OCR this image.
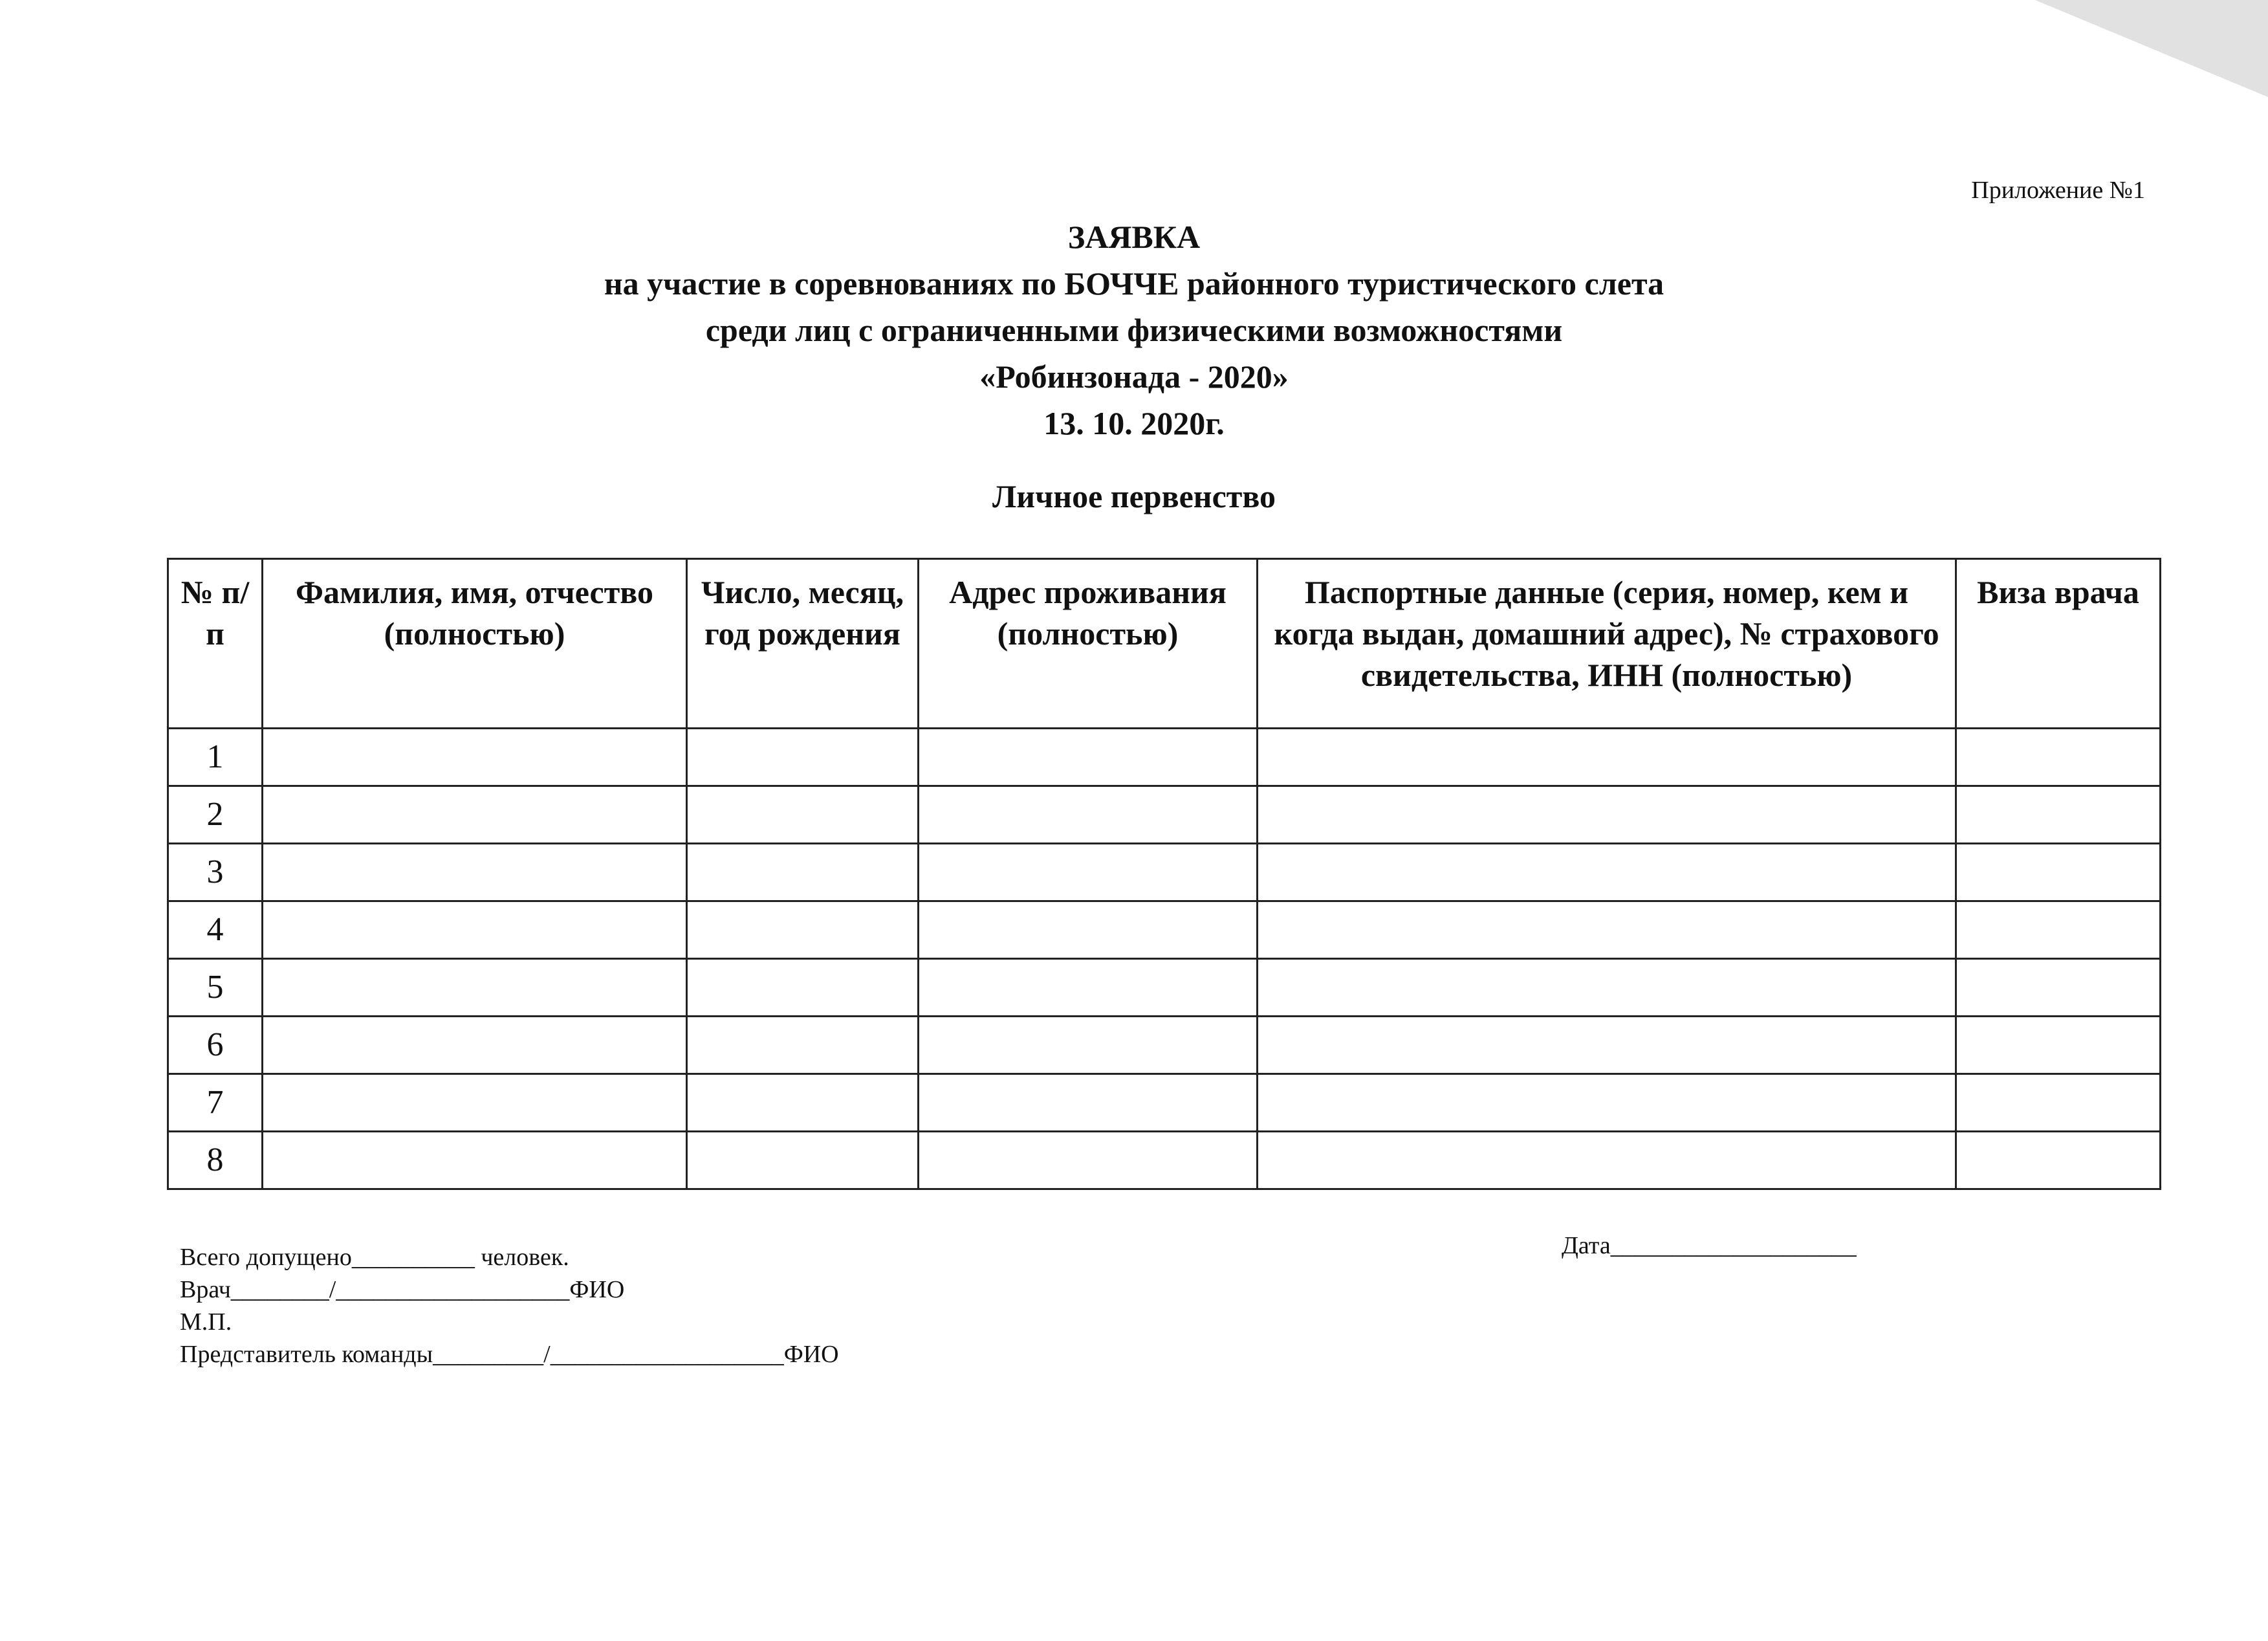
Приложение №1
ЗАЯВКА
на участие в соревнованиях по БОЧЧЕ районного туристического слета
среди лиц с ограниченными физическими возможностями
«Робинзонада - 2020»
13. 10. 2020г.
Личное первенство
№ п/п	Фамилия, имя, отчество (полностью)	Число, месяц, год рождения	Адрес проживания (полностью)	Паспортные данные (серия, номер, кем и когда выдан, домашний адрес), № страхового свидетельства, ИНН (полностью)	Виза врача
1					
2					
3					
4					
5					
6					
7					
8					
Дата____________________
Всего допущено__________ человек.
Врач________/___________________ФИО
М.П.
Представитель команды_________/___________________ФИО
